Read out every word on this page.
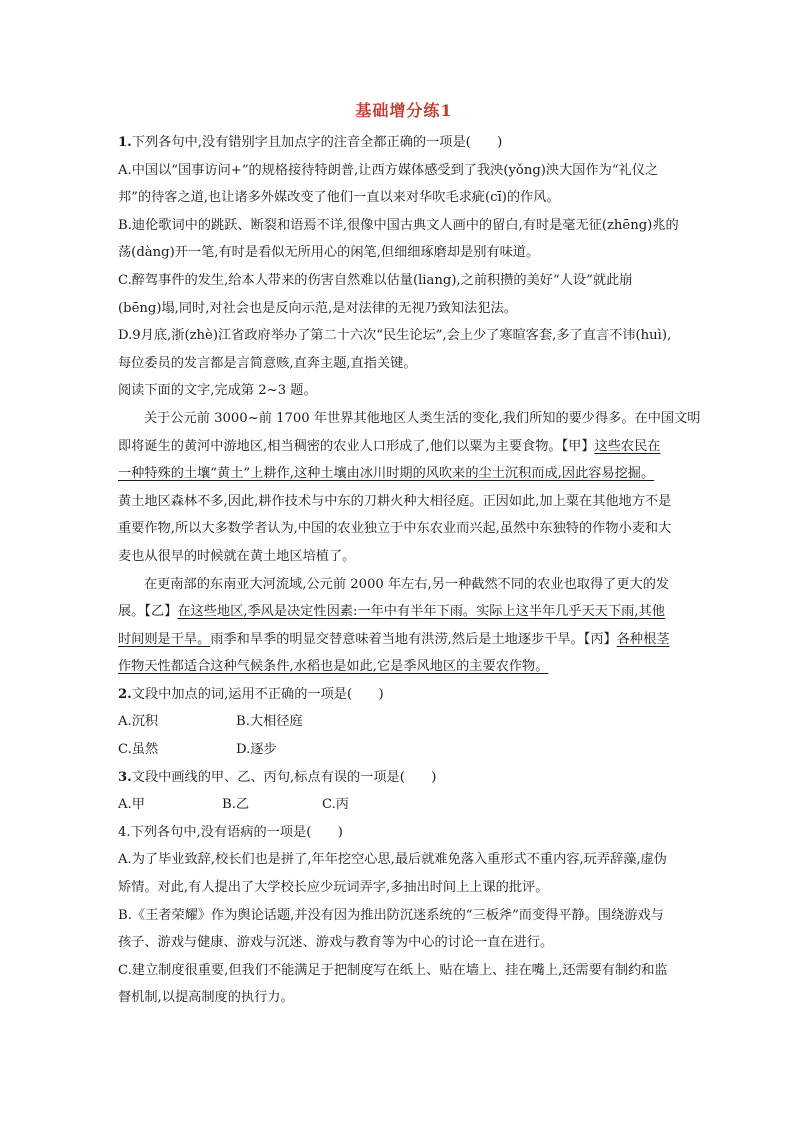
基础增分练1

1.下列各句中,没有错别字且加点字的注音全都正确的一项是(　　)

A.中国以“国事访问+”的规格接待特朗普,让西方媒体感受到了我泱(yǒng)泱大国作为“礼仪之

邦”的待客之道,也让诸多外媒改变了他们一直以来对华吹毛求疵(cī)的作风。

B.迪伦歌词中的跳跃、断裂和语焉不详,很像中国古典文人画中的留白,有时是毫无征(zhēng)兆的

荡(dàng)开一笔,有时是看似无所用心的闲笔,但细细琢磨却是别有味道。

C.醉驾事件的发生,给本人带来的伤害自然难以估量(liang),之前积攒的美好“人设”就此崩

(bēng)塌,同时,对社会也是反向示范,是对法律的无视乃致知法犯法。

D.9月底,浙(zhè)江省政府举办了第二十六次“民生论坛”,会上少了寒暄客套,多了直言不讳(huì),

每位委员的发言都是言简意赅,直奔主题,直指关键。

阅读下面的文字,完成第 2~3 题。

关于公元前 3000~前 1700 年世界其他地区人类生活的变化,我们所知的要少得多。在中国文明

即将诞生的黄河中游地区,相当稠密的农业人口形成了,他们以粟为主要食物。【甲】这些农民在

一种特殊的土壤“黄土”上耕作,这种土壤由冰川时期的风吹来的尘土沉积而成,因此容易挖掘。

黄土地区森林不多,因此,耕作技术与中东的刀耕火种大相径庭。正因如此,加上粟在其他地方不是

重要作物,所以大多数学者认为,中国的农业独立于中东农业而兴起,虽然中东独特的作物小麦和大

麦也从很早的时候就在黄土地区培植了。

在更南部的东南亚大河流域,公元前 2000 年左右,另一种截然不同的农业也取得了更大的发

展。【乙】在这些地区,季风是决定性因素:一年中有半年下雨。实际上这半年几乎天天下雨,其他

时间则是干旱。雨季和旱季的明显交替意味着当地有洪涝,然后是土地逐步干旱。【丙】各种根茎

作物天性都适合这种气候条件,水稻也是如此,它是季风地区的主要农作物。

2.文段中加点的词,运用不正确的一项是(　　)

A.沉积	B.大相径庭
C.虽然	D.逐步

3.文段中画线的甲、乙、丙句,标点有误的一项是(　　)

A.甲	B.乙	C.丙

4.下列各句中,没有语病的一项是(　　)

A.为了毕业致辞,校长们也是拼了,年年挖空心思,最后就难免落入重形式不重内容,玩弄辞藻,虚伪

矫情。对此,有人提出了大学校长应少玩词弄字,多抽出时间上上课的批评。

B.《王者荣耀》作为舆论话题,并没有因为推出防沉迷系统的“三板斧”而变得平静。围绕游戏与

孩子、游戏与健康、游戏与沉迷、游戏与教育等为中心的讨论一直在进行。

C.建立制度很重要,但我们不能满足于把制度写在纸上、贴在墙上、挂在嘴上,还需要有制约和监

督机制,以提高制度的执行力。
